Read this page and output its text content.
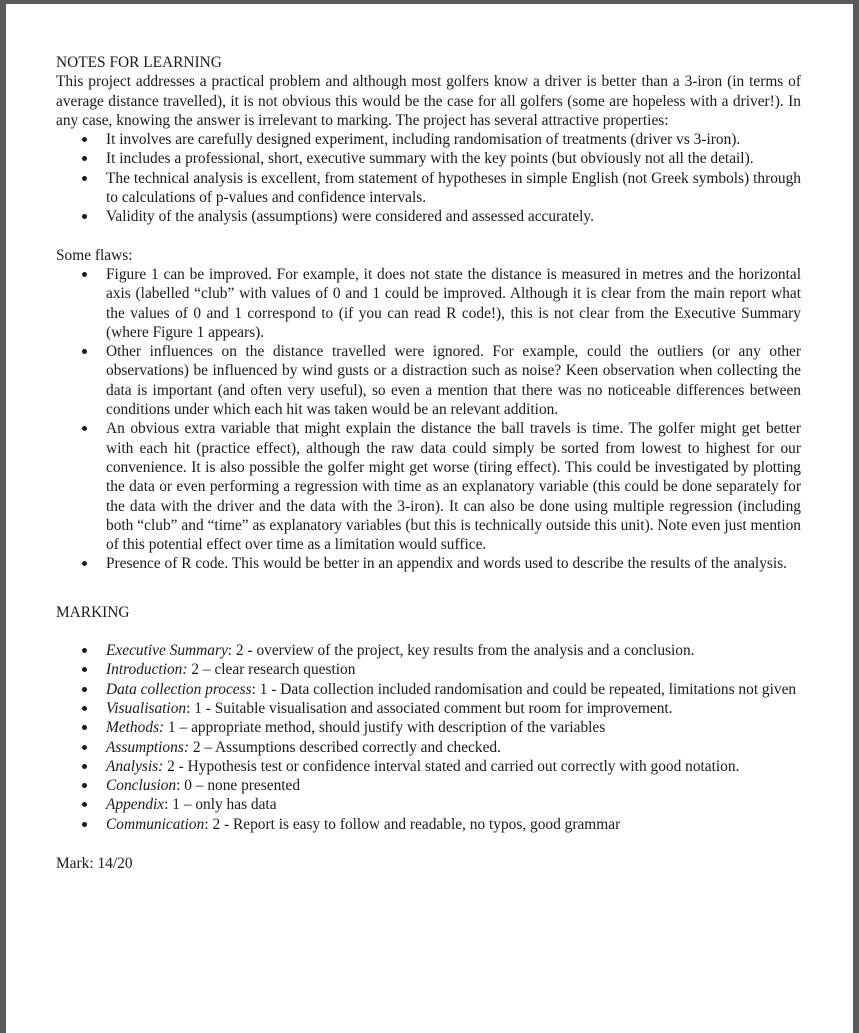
NOTES FOR LEARNING

This project addresses a practical problem and although most golfers know a driver is better than a 3-iron (in terms of average distance travelled), it is not obvious this would be the case for all golfers (some are hopeless with a driver!). In any case, knowing the answer is irrelevant to marking. The project has several attractive properties:

It involves are carefully designed experiment, including randomisation of treatments (driver vs 3-iron).
It includes a professional, short, executive summary with the key points (but obviously not all the detail).
The technical analysis is excellent, from statement of hypotheses in simple English (not Greek symbols) through to calculations of p-values and confidence intervals.
Validity of the analysis (assumptions) were considered and assessed accurately.
Some flaws:
Figure 1 can be improved. For example, it does not state the distance is measured in metres and the horizontal axis (labelled “club” with values of 0 and 1 could be improved. Although it is clear from the main report what the values of 0 and 1 correspond to (if you can read R code!), this is not clear from the Executive Summary (where Figure 1 appears).
Other influences on the distance travelled were ignored. For example, could the outliers (or any other observations) be influenced by wind gusts or a distraction such as noise? Keen observation when collecting the data is important (and often very useful), so even a mention that there was no noticeable differences between conditions under which each hit was taken would be an relevant addition.
An obvious extra variable that might explain the distance the ball travels is time. The golfer might get better with each hit (practice effect), although the raw data could simply be sorted from lowest to highest for our convenience. It is also possible the golfer might get worse (tiring effect). This could be investigated by plotting the data or even performing a regression with time as an explanatory variable (this could be done separately for the data with the driver and the data with the 3-iron). It can also be done using multiple regression (including both “club” and “time” as explanatory variables (but this is technically outside this unit). Note even just mention of this potential effect over time as a limitation would suffice.
Presence of R code. This would be better in an appendix and words used to describe the results of the analysis.
MARKING
Executive Summary: 2 - overview of the project, key results from the analysis and a conclusion.
Introduction: 2 – clear research question
Data collection process: 1 - Data collection included randomisation and could be repeated, limitations not given
Visualisation: 1 - Suitable visualisation and associated comment but room for improvement.
Methods: 1 – appropriate method, should justify with description of the variables
Assumptions: 2 – Assumptions described correctly and checked.
Analysis: 2 - Hypothesis test or confidence interval stated and carried out correctly with good notation.
Conclusion: 0 – none presented
Appendix: 1 – only has data
Communication: 2 - Report is easy to follow and readable, no typos, good grammar
Mark: 14/20
